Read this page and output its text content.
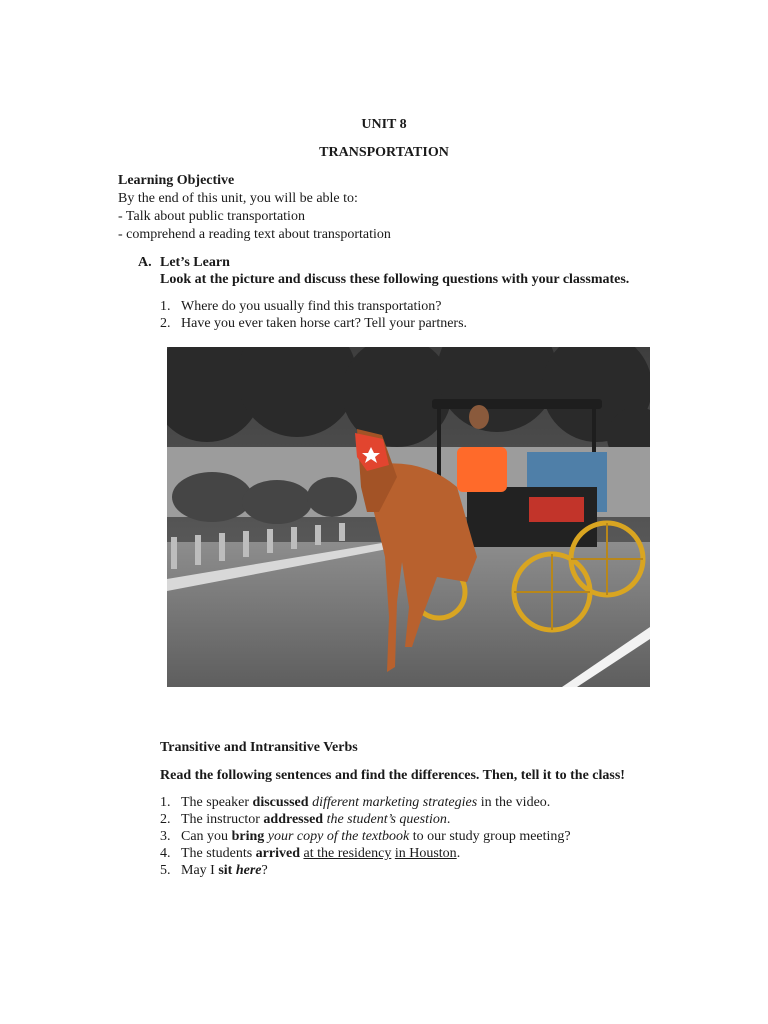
UNIT 8
TRANSPORTATION
Learning Objective
By the end of this unit, you will be able to:
- Talk about public transportation
- comprehend a reading text about transportation
A. Let’s Learn
Look at the picture and discuss these following questions with your classmates.
1. Where do you usually find this transportation?
2. Have you ever taken horse cart? Tell your partners.
Transitive and Intransitive Verbs
Read the following sentences and find the differences. Then, tell it to the class!
1. The speaker discussed different marketing strategies in the video.
2. The instructor addressed the student’s question.
3. Can you bring your copy of the textbook to our study group meeting?
4. The students arrived at the residency in Houston.
5. May I sit here?
